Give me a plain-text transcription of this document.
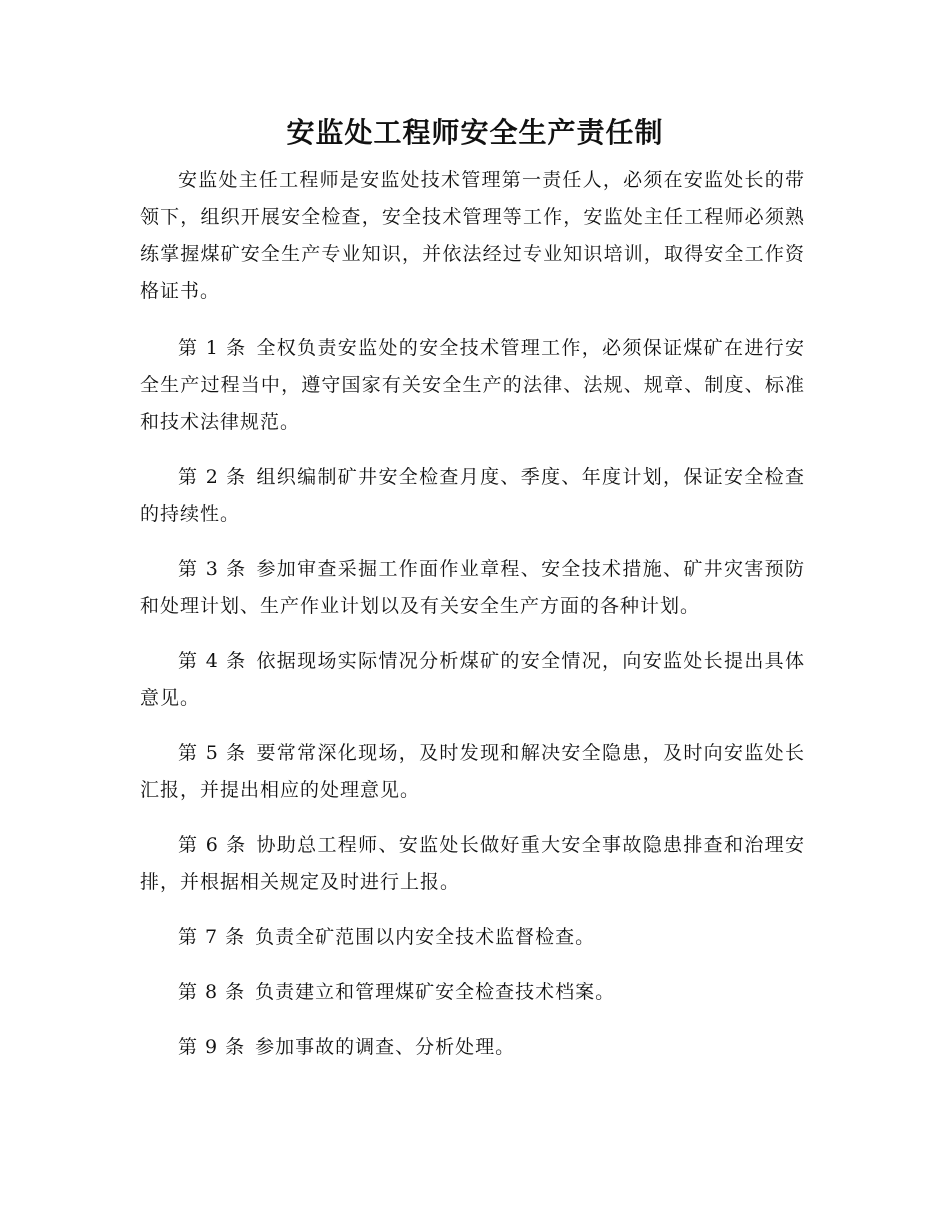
安监处工程师安全生产责任制

安监处主任工程师是安监处技术管理第一责任人，必须在安监处长的带领下，组织开展安全检查，安全技术管理等工作，安监处主任工程师必须熟练掌握煤矿安全生产专业知识，并依法经过专业知识培训，取得安全工作资格证书。

第 1 条 全权负责安监处的安全技术管理工作，必须保证煤矿在进行安全生产过程当中，遵守国家有关安全生产的法律、法规、规章、制度、标准和技术法律规范。

第 2 条 组织编制矿井安全检查月度、季度、年度计划，保证安全检查的持续性。

第 3 条 参加审查采掘工作面作业章程、安全技术措施、矿井灾害预防和处理计划、生产作业计划以及有关安全生产方面的各种计划。

第 4 条 依据现场实际情况分析煤矿的安全情况，向安监处长提出具体意见。

第 5 条 要常常深化现场，及时发现和解决安全隐患，及时向安监处长汇报，并提出相应的处理意见。

第 6 条 协助总工程师、安监处长做好重大安全事故隐患排查和治理安排，并根据相关规定及时进行上报。

第 7 条 负责全矿范围以内安全技术监督检查。

第 8 条 负责建立和管理煤矿安全检查技术档案。

第 9 条 参加事故的调查、分析处理。
